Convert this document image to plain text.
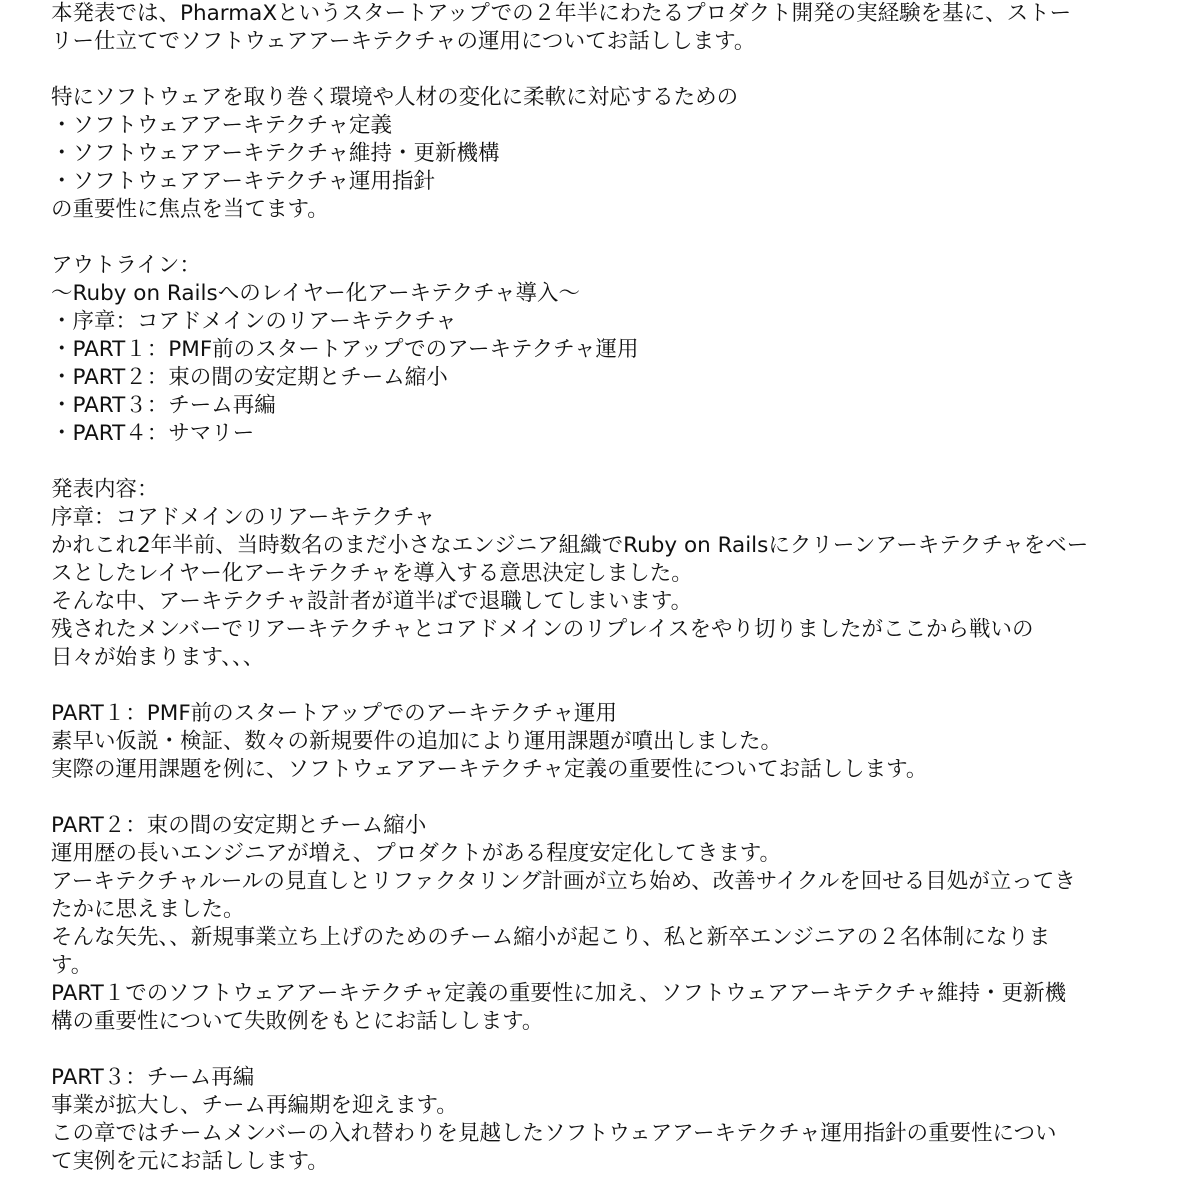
本発表では、PharmaXというスタートアップでの２年半にわたるプロダクト開発の実経験を基に、ストー
リー仕立てでソフトウェアアーキテクチャの運用についてお話しします。
特にソフトウェアを取り巻く環境や人材の変化に柔軟に対応するための
・ソフトウェアアーキテクチャ定義
・ソフトウェアアーキテクチャ維持・更新機構
・ソフトウェアアーキテクチャ運用指針
の重要性に焦点を当てます。
アウトライン：
〜Ruby on Railsへのレイヤー化アーキテクチャ導入〜
・序章：コアドメインのリアーキテクチャ
・PART１：PMF前のスタートアップでのアーキテクチャ運用
・PART２：束の間の安定期とチーム縮小
・PART３：チーム再編
・PART４：サマリー
発表内容：
序章：コアドメインのリアーキテクチャ
かれこれ2年半前、当時数名のまだ小さなエンジニア組織でRuby on Railsにクリーンアーキテクチャをベー
スとしたレイヤー化アーキテクチャを導入する意思決定しました。
そんな中、アーキテクチャ設計者が道半ばで退職してしまいます。
残されたメンバーでリアーキテクチャとコアドメインのリプレイスをやり切りましたがここから戦いの
日々が始まります、、、
PART１：PMF前のスタートアップでのアーキテクチャ運用
素早い仮説・検証、数々の新規要件の追加により運用課題が噴出しました。
実際の運用課題を例に、ソフトウェアアーキテクチャ定義の重要性についてお話しします。
PART２：束の間の安定期とチーム縮小
運用歴の長いエンジニアが増え、プロダクトがある程度安定化してきます。
アーキテクチャルールの見直しとリファクタリング計画が立ち始め、改善サイクルを回せる目処が立ってき
たかに思えました。
そんな矢先、、新規事業立ち上げのためのチーム縮小が起こり、私と新卒エンジニアの２名体制になりま
す。
PART１でのソフトウェアアーキテクチャ定義の重要性に加え、ソフトウェアアーキテクチャ維持・更新機
構の重要性について失敗例をもとにお話しします。
PART３：チーム再編
事業が拡大し、チーム再編期を迎えます。
この章ではチームメンバーの入れ替わりを見越したソフトウェアアーキテクチャ運用指針の重要性につい
て実例を元にお話しします。
